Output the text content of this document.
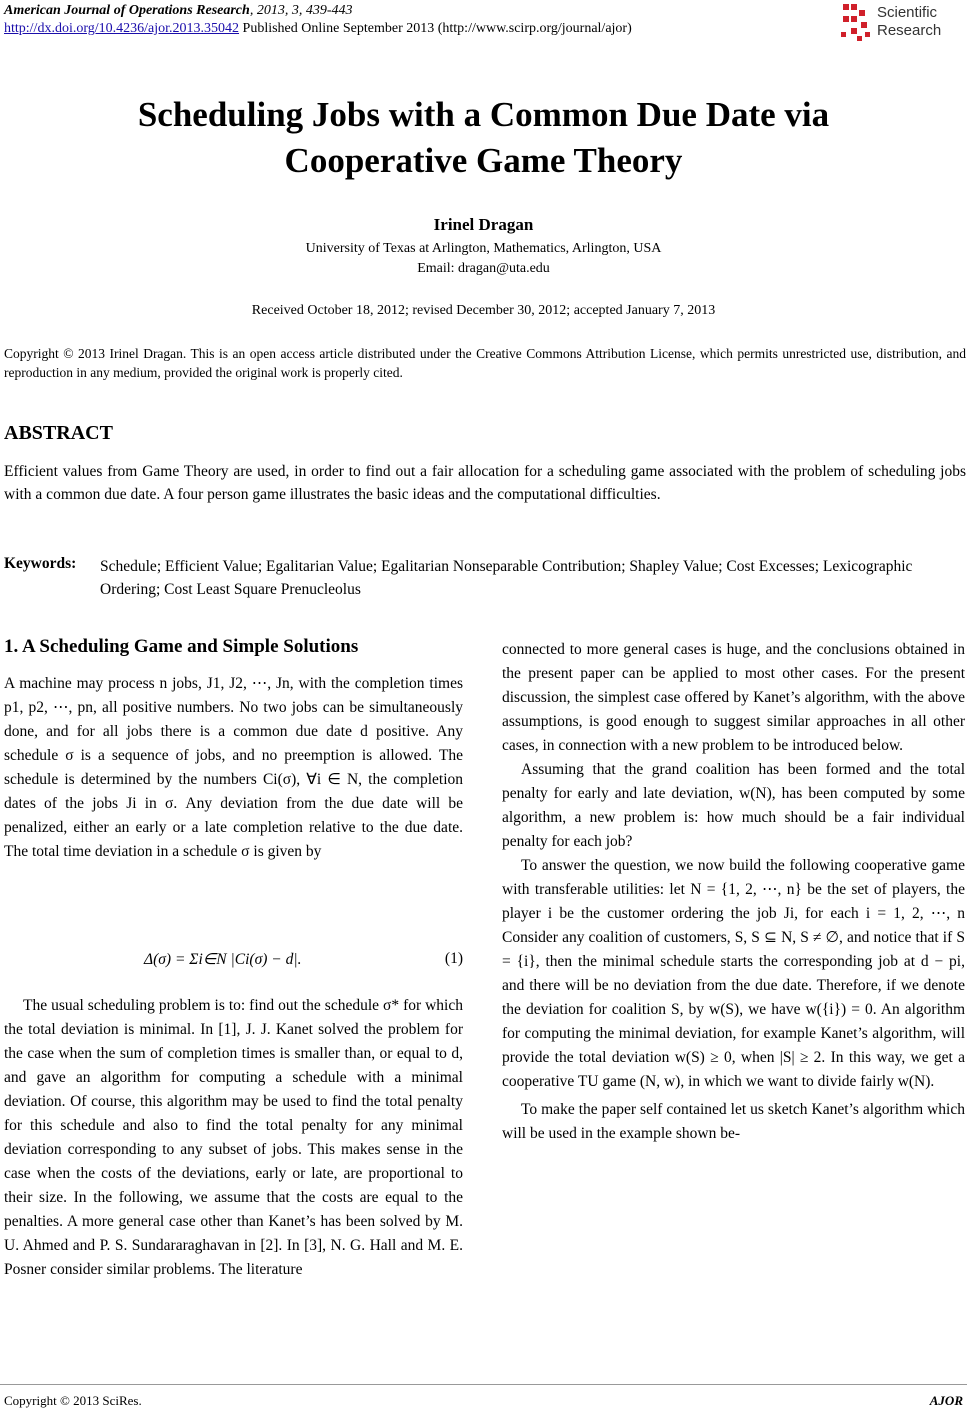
American Journal of Operations Research, 2013, 3, 439-443
http://dx.doi.org/10.4236/ajor.2013.35042 Published Online September 2013 (http://www.scirp.org/journal/ajor)
Scientific
Research
Scheduling Jobs with a Common Due Date via
Cooperative Game Theory
Irinel Dragan
University of Texas at Arlington, Mathematics, Arlington, USA
Email: dragan@uta.edu
Received October 18, 2012; revised December 30, 2012; accepted January 7, 2013
Copyright © 2013 Irinel Dragan. This is an open access article distributed under the Creative Commons Attribution License, which permits unrestricted use, distribution, and reproduction in any medium, provided the original work is properly cited.
ABSTRACT
Efficient values from Game Theory are used, in order to find out a fair allocation for a scheduling game associated with the problem of scheduling jobs with a common due date. A four person game illustrates the basic ideas and the computational difficulties.
Keywords: Schedule; Efficient Value; Egalitarian Value; Egalitarian Nonseparable Contribution; Shapley Value; Cost Excesses; Lexicographic Ordering; Cost Least Square Prenucleolus
1. A Scheduling Game and Simple Solutions

A machine may process n jobs, J1, J2, ⋯, Jn, with the completion times p1, p2, ⋯, pn, all positive numbers. No two jobs can be simultaneously done, and for all jobs there is a common due date d positive. Any schedule σ is a sequence of jobs, and no preemption is allowed. The schedule is determined by the numbers Ci(σ), ∀i ∈ N, the completion dates of the jobs Ji in σ. Any deviation from the due date will be penalized, either an early or a late completion relative to the due date. The total time deviation in a schedule σ is given by

Δ(σ) = Σi∈N |Ci(σ) − d|.	(1)

The usual scheduling problem is to: find out the schedule σ* for which the total deviation is minimal. In [1], J. J. Kanet solved the problem for the case when the sum of completion times is smaller than, or equal to d, and gave an algorithm for computing a schedule with a minimal deviation. Of course, this algorithm may be used to find the total penalty for this schedule and also to find the total penalty for any minimal deviation corresponding to any subset of jobs. This makes sense in the case when the costs of the deviations, early or late, are proportional to their size. In the following, we assume that the costs are equal to the penalties. A more general case other than Kanet’s has been solved by M. U. Ahmed and P. S. Sundararaghavan in [2]. In [3], N. G. Hall and M. E. Posner consider similar problems. The literature

connected to more general cases is huge, and the conclusions obtained in the present paper can be applied to most other cases. For the present discussion, the simplest case offered by Kanet’s algorithm, with the above assumptions, is good enough to suggest similar approaches in all other cases, in connection with a new problem to be introduced below.

Assuming that the grand coalition has been formed and the total penalty for early and late deviation, w(N), has been computed by some algorithm, a new problem is: how much should be a fair individual penalty for each job?

To answer the question, we now build the following cooperative game with transferable utilities: let N = {1, 2, ⋯, n} be the set of players, the player i be the customer ordering the job Ji, for each i = 1, 2, ⋯, n Consider any coalition of customers, S, S ⊆ N, S ≠ ∅, and notice that if S = {i}, then the minimal schedule starts the corresponding job at d − pi, and there will be no deviation from the due date. Therefore, if we denote the deviation for coalition S, by w(S), we have w({i}) = 0. An algorithm for computing the minimal deviation, for example Kanet’s algorithm, will provide the total deviation w(S) ≥ 0, when |S| ≥ 2. In this way, we get a cooperative TU game (N, w), in which we want to divide fairly w(N).

To make the paper self contained let us sketch Kanet’s algorithm which will be used in the example shown be-

Copyright © 2013 SciRes.	AJOR
